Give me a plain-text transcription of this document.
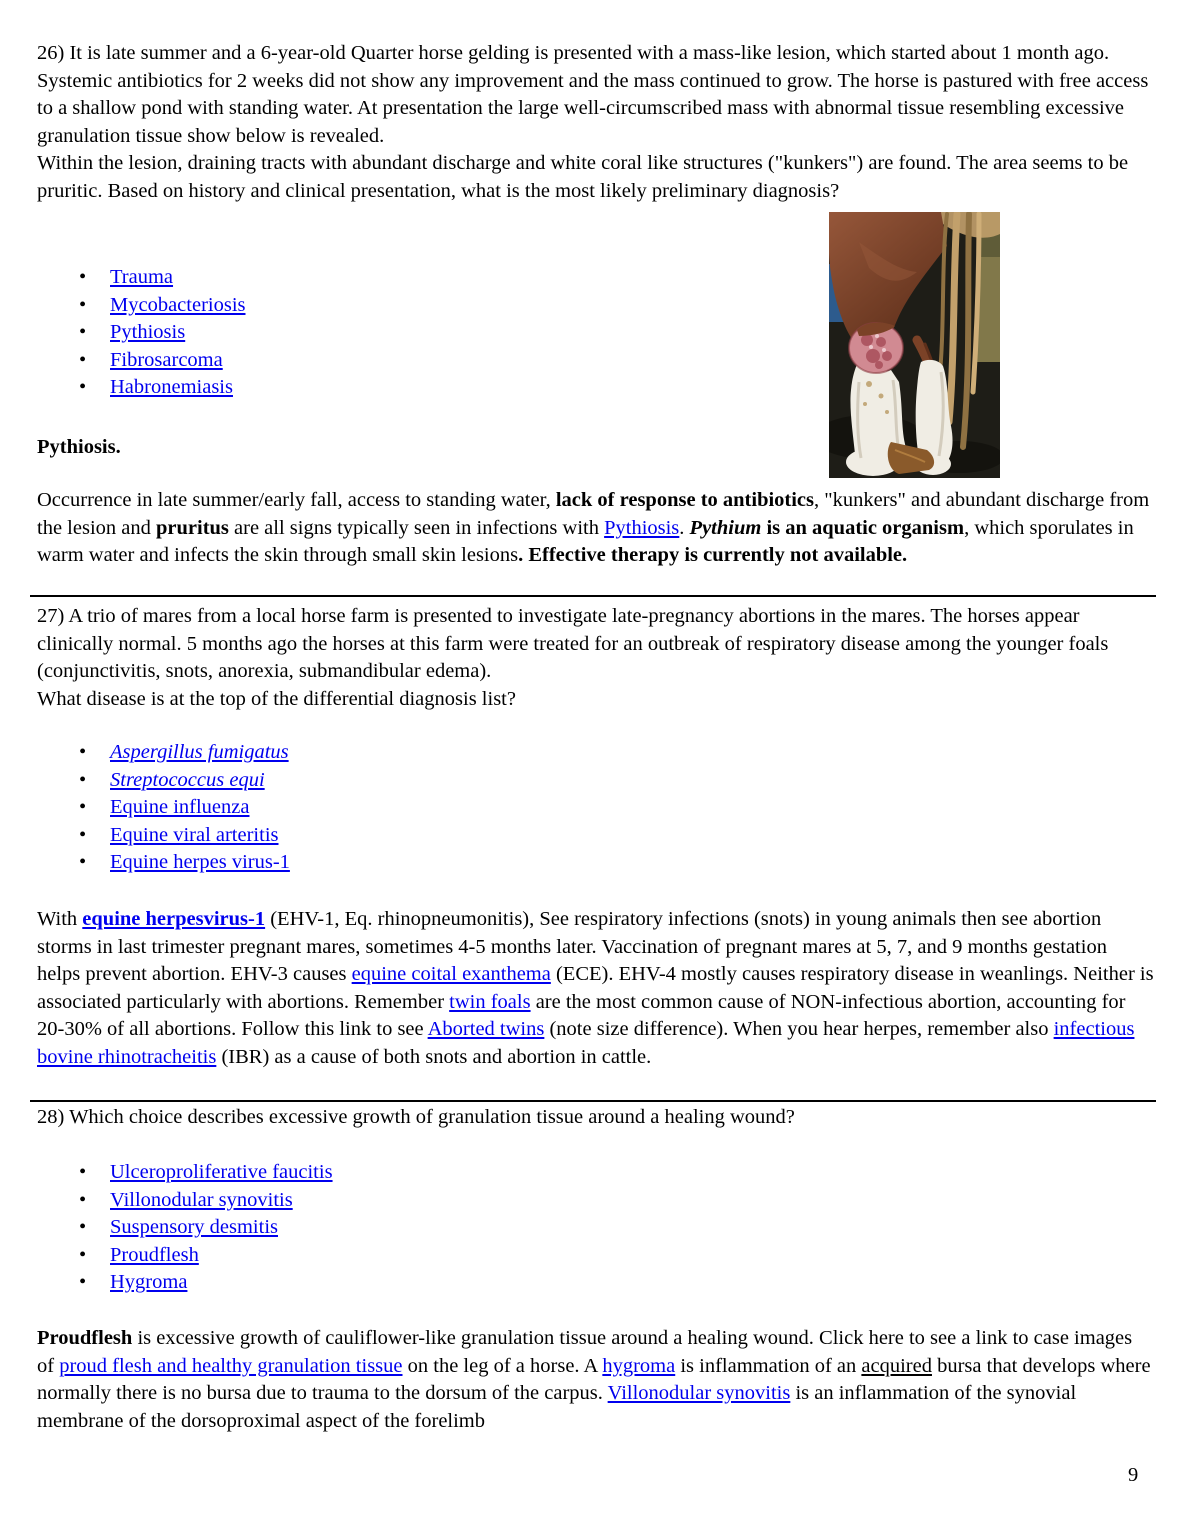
26) It is late summer and a 6-year-old Quarter horse gelding is presented with a mass-like lesion, which started about 1 month ago. Systemic antibiotics for 2 weeks did not show any improvement and the mass continued to grow. The horse is pastured with free access to a shallow pond with standing water. At presentation the large well-circumscribed mass with abnormal tissue resembling excessive granulation tissue show below is revealed.
Within the lesion, draining tracts with abundant discharge and white coral like structures ("kunkers") are found. The area seems to be pruritic. Based on history and clinical presentation, what is the most likely preliminary diagnosis?
•	Trauma
•	Mycobacteriosis
•	Pythiosis
•	Fibrosarcoma
•	Habronemiasis
Pythiosis.
Occurrence in late summer/early fall, access to standing water, lack of response to antibiotics, "kunkers" and abundant discharge from the lesion and pruritus are all signs typically seen in infections with Pythiosis. Pythium is an aquatic organism, which sporulates in warm water and infects the skin through small skin lesions. Effective therapy is currently not available.
27) A trio of mares from a local horse farm is presented to investigate late-pregnancy abortions in the mares. The horses appear clinically normal. 5 months ago the horses at this farm were treated for an outbreak of respiratory disease among the younger foals (conjunctivitis, snots, anorexia, submandibular edema).
What disease is at the top of the differential diagnosis list?
•	Aspergillus fumigatus
•	Streptococcus equi
•	Equine influenza
•	Equine viral arteritis
•	Equine herpes virus-1
With equine herpesvirus-1 (EHV-1, Eq. rhinopneumonitis), See respiratory infections (snots) in young animals then see abortion storms in last trimester pregnant mares, sometimes 4-5 months later. Vaccination of pregnant mares at 5, 7, and 9 months gestation helps prevent abortion. EHV-3 causes equine coital exanthema (ECE). EHV-4 mostly causes respiratory disease in weanlings. Neither is associated particularly with abortions. Remember twin foals are the most common cause of NON-infectious abortion, accounting for 20-30% of all abortions. Follow this link to see Aborted twins (note size difference). When you hear herpes, remember also infectious bovine rhinotracheitis (IBR) as a cause of both snots and abortion in cattle.
28) Which choice describes excessive growth of granulation tissue around a healing wound?
•	Ulceroproliferative faucitis
•	Villonodular synovitis
•	Suspensory desmitis
•	Proudflesh
•	Hygroma
Proudflesh is excessive growth of cauliflower-like granulation tissue around a healing wound. Click here to see a link to case images of proud flesh and healthy granulation tissue on the leg of a horse. A hygroma is inflammation of an acquired bursa that develops where normally there is no bursa due to trauma to the dorsum of the carpus. Villonodular synovitis is an inflammation of the synovial membrane of the dorsoproximal aspect of the forelimb
9
